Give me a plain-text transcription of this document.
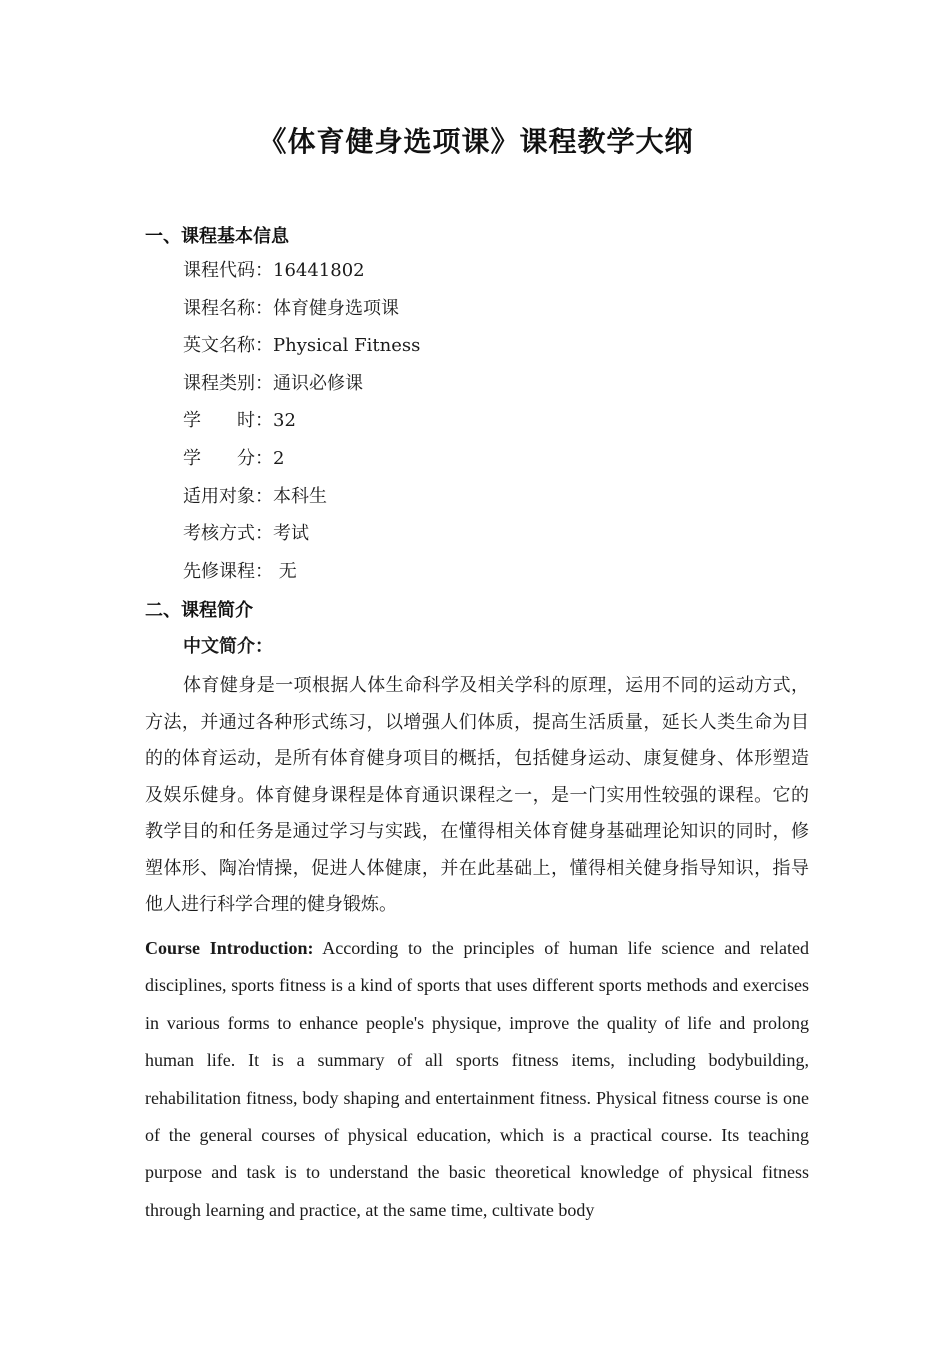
《体育健身选项课》课程教学大纲
一、课程基本信息
课程代码：16441802
课程名称：体育健身选项课
英文名称：Physical Fitness
课程类别：通识必修课
学　　时：32
学　　分：2
适用对象：本科生
考核方式：考试
先修课程： 无
二、课程简介
中文简介：

体育健身是一项根据人体生命科学及相关学科的原理，运用不同的运动方式，方法，并通过各种形式练习，以增强人们体质，提高生活质量，延长人类生命为目的的体育运动，是所有体育健身项目的概括，包括健身运动、康复健身、体形塑造及娱乐健身。体育健身课程是体育通识课程之一，是一门实用性较强的课程。它的教学目的和任务是通过学习与实践，在懂得相关体育健身基础理论知识的同时，修塑体形、陶冶情操，促进人体健康，并在此基础上，懂得相关健身指导知识，指导他人进行科学合理的健身锻炼。

Course Introduction: According to the principles of human life science and related disciplines, sports fitness is a kind of sports that uses different sports methods and exercises in various forms to enhance people's physique, improve the quality of life and prolong human life. It is a summary of all sports fitness items, including bodybuilding, rehabilitation fitness, body shaping and entertainment fitness. Physical fitness course is one of the general courses of physical education, which is a practical course. Its teaching purpose and task is to understand the basic theoretical knowledge of physical fitness through learning and practice, at the same time, cultivate body
